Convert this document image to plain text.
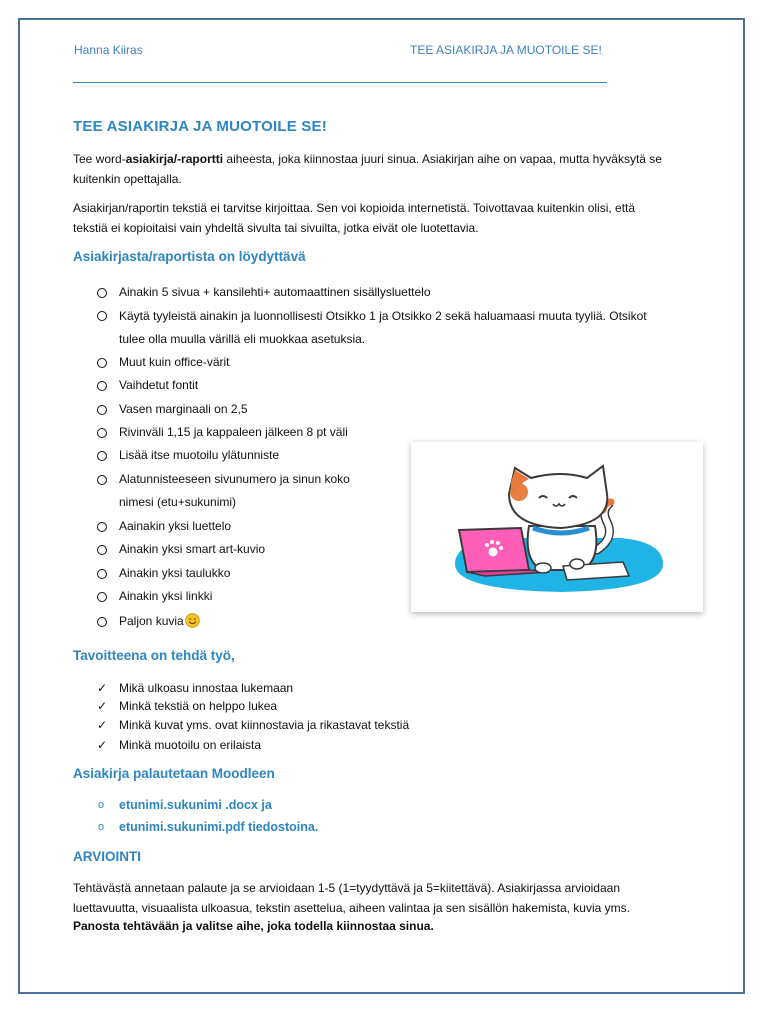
Hanna Kiiras	TEE ASIAKIRJA JA MUOTOILE SE!
TEE ASIAKIRJA JA MUOTOILE SE!
Tee word-asiakirja/-raportti aiheesta, joka kiinnostaa juuri sinua. Asiakirjan aihe on vapaa, mutta hyväksytä se
kuitenkin opettajalla.
Asiakirjan/raportin tekstiä ei tarvitse kirjoittaa. Sen voi kopioida internetistä. Toivottavaa kuitenkin olisi, että
tekstiä ei kopioitaisi vain yhdeltä sivulta tai sivuilta, jotka eivät ole luotettavia.
Asiakirjasta/raportista on löydyttävä
Ainakin 5 sivua + kansilehti+ automaattinen sisällysluettelo
Käytä tyyleistä ainakin ja luonnollisesti Otsikko 1 ja Otsikko 2 sekä haluamaasi muuta tyyliä. Otsikot
tulee olla muulla värillä eli muokkaa asetuksia.
Muut kuin office-värit
Vaihdetut fontit
Vasen marginaali on 2,5
Rivinväli 1,15 ja kappaleen jälkeen 8 pt väli
Lisää itse muotoilu ylätunniste
Alatunnisteeseen sivunumero ja sinun koko
nimesi (etu+sukunimi)
Aainakin yksi luettelo
Ainakin yksi smart art-kuvio
Ainakin yksi taulukko
Ainakin yksi linkki
Paljon kuvia
Tavoitteena on tehdä työ,
✓ Mikä ulkoasu innostaa lukemaan
✓ Minkä tekstiä on helppo lukea
✓ Minkä kuvat yms. ovat kiinnostavia ja rikastavat tekstiä
✓ Minkä muotoilu on erilaista
Asiakirja palautetaan Moodleen
o etunimi.sukunimi .docx ja
o etunimi.sukunimi.pdf tiedostoina.
ARVIOINTI
Tehtävästä annetaan palaute ja se arvioidaan 1-5 (1=tyydyttävä ja 5=kiitettävä). Asiakirjassa arvioidaan
luettavuutta, visuaalista ulkoasua, tekstin asettelua, aiheen valintaa ja sen sisällön hakemista, kuvia yms.
Panosta tehtävään ja valitse aihe, joka todella kiinnostaa sinua.
